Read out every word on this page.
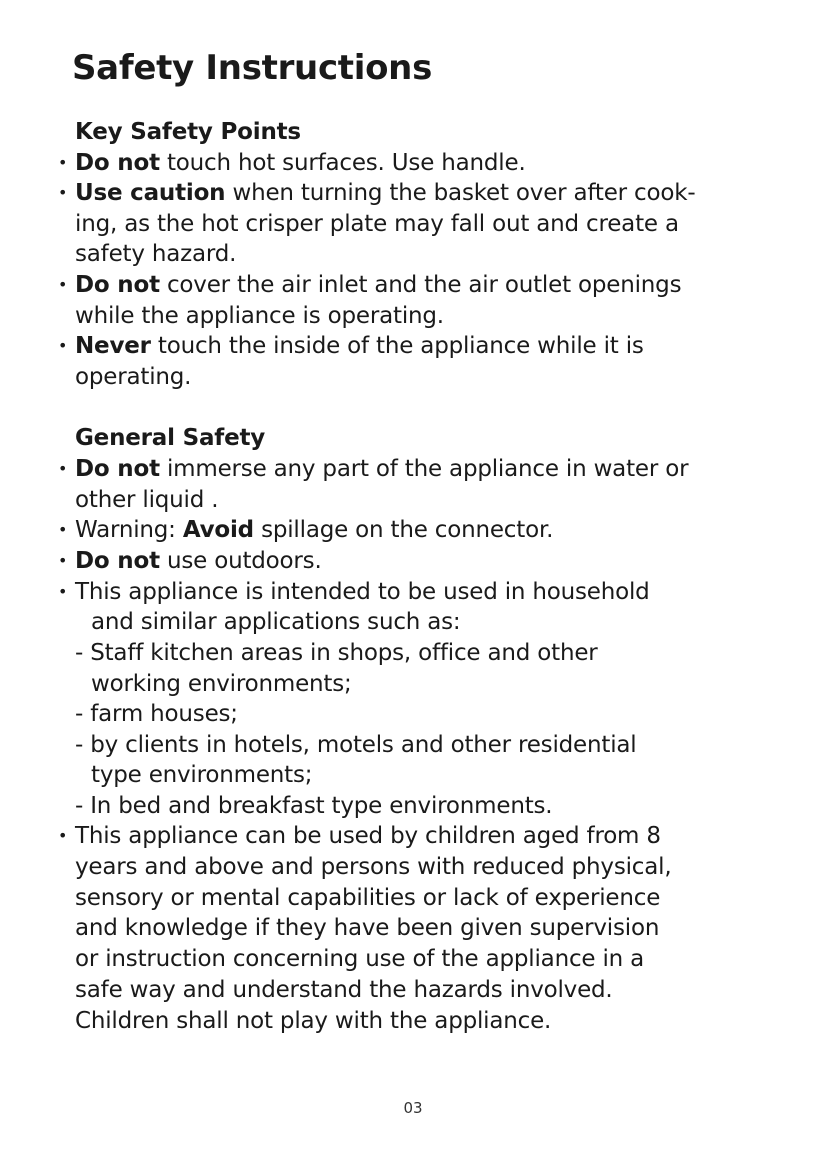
Safety Instructions
Key Safety Points
• Do not touch hot surfaces. Use handle.
• Use caution when turning the basket over after cook-
ing, as the hot crisper plate may fall out and create a
safety hazard.
• Do not cover the air inlet and the air outlet openings
while the appliance is operating.
• Never touch the inside of the appliance while it is
operating.
General Safety
• Do not immerse any part of the appliance in water or
other liquid .
• Warning: Avoid spillage on the connector.
• Do not use outdoors.
• This appliance is intended to be used in household
and similar applications such as:
- Staff kitchen areas in shops, office and other
working environments;
- farm houses;
- by clients in hotels, motels and other residential
type environments;
- In bed and breakfast type environments.
• This appliance can be used by children aged from 8
years and above and persons with reduced physical,
sensory or mental capabilities or lack of experience
and knowledge if they have been given supervision
or instruction concerning use of the appliance in a
safe way and understand the hazards involved.
Children shall not play with the appliance.
03
